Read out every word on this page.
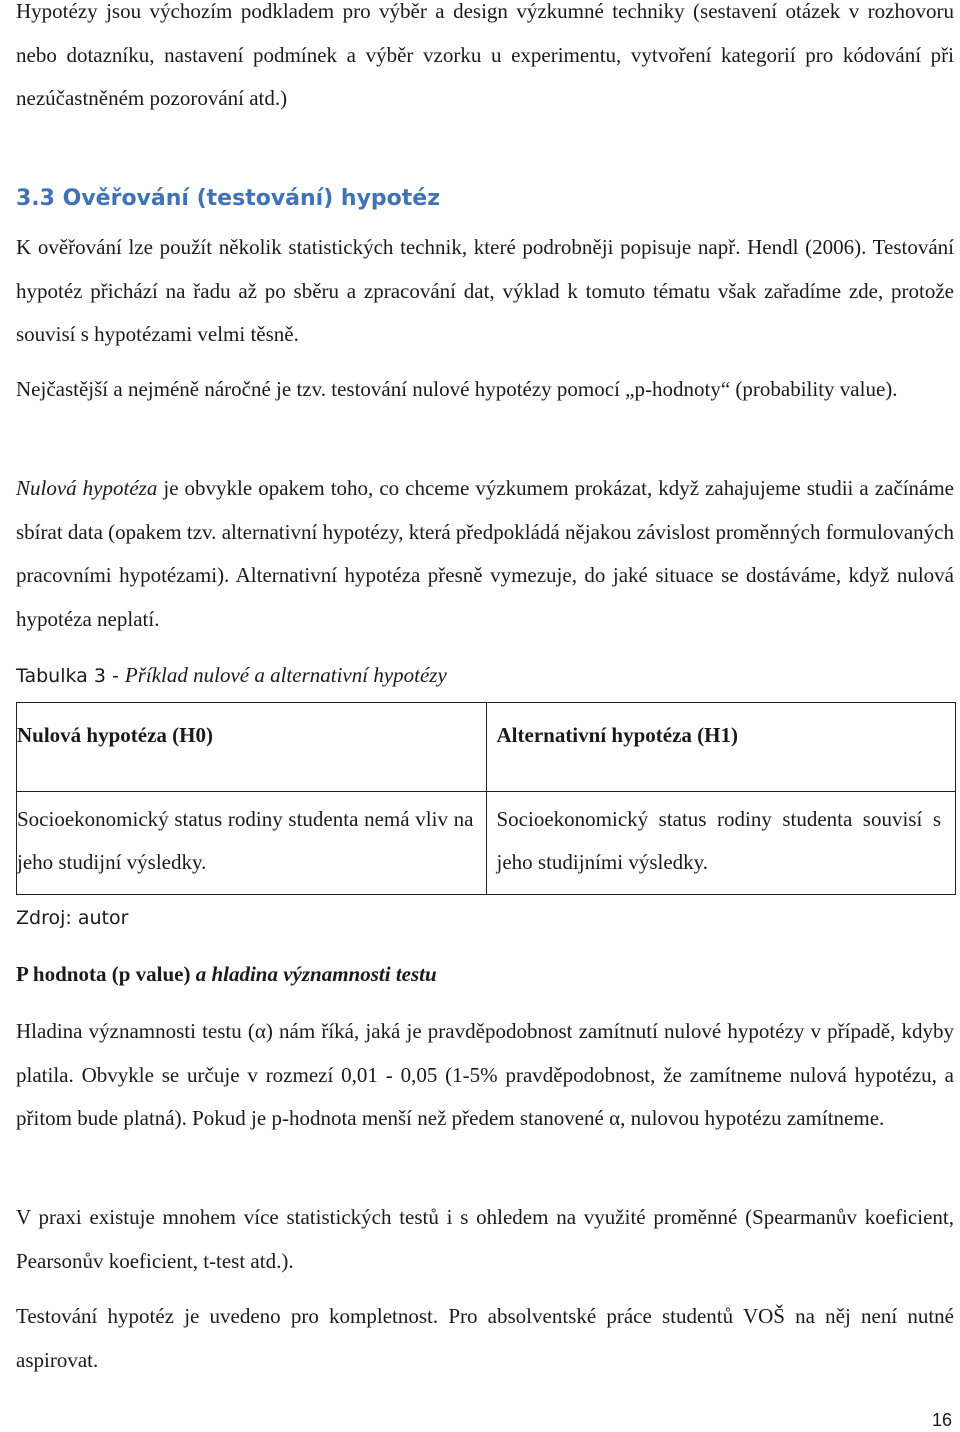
Hypotézy jsou výchozím podkladem pro výběr a design výzkumné techniky (sestavení otázek v rozhovoru nebo dotazníku, nastavení podmínek a výběr vzorku u experimentu, vytvoření kategorií pro kódování při nezúčastněném pozorování atd.)

3.3 Ověřování (testování) hypotéz

K ověřování lze použít několik statistických technik, které podrobněji popisuje např. Hendl (2006). Testování hypotéz přichází na řadu až po sběru a zpracování dat, výklad k tomuto tématu však zařadíme zde, protože souvisí s hypotézami velmi těsně.

Nejčastější a nejméně náročné je tzv. testování nulové hypotézy pomocí „p-hodnoty“ (probability value).

Nulová hypotéza je obvykle opakem toho, co chceme výzkumem prokázat, když zahajujeme studii a začínáme sbírat data (opakem tzv. alternativní hypotézy, která předpokládá nějakou závislost proměnných formulovaných pracovními hypotézami). Alternativní hypotéza přesně vymezuje, do jaké situace se dostáváme, když nulová hypotéza neplatí.

Tabulka 3 - Příklad nulové a alternativní hypotézy

Nulová hypotéza (H0)	Alternativní hypotéza (H1)
Socioekonomický status rodiny studenta nemá vliv na jeho studijní výsledky.	Socioekonomický status rodiny studenta souvisí s jeho studijními výsledky.
Zdroj: autor
P hodnota (p value) a hladina významnosti testu

Hladina významnosti testu (α) nám říká, jaká je pravděpodobnost zamítnutí nulové hypotézy v případě, kdyby platila. Obvykle se určuje v rozmezí 0,01 - 0,05 (1-5% pravděpodobnost, že zamítneme nulová hypotézu, a přitom bude platná). Pokud je p-hodnota menší než předem stanovené α, nulovou hypotézu zamítneme.

V praxi existuje mnohem více statistických testů i s ohledem na využité proměnné (Spearmanův koeficient, Pearsonův koeficient, t-test atd.).

Testování hypotéz je uvedeno pro kompletnost. Pro absolventské práce studentů VOŠ na něj není nutné aspirovat.

16
